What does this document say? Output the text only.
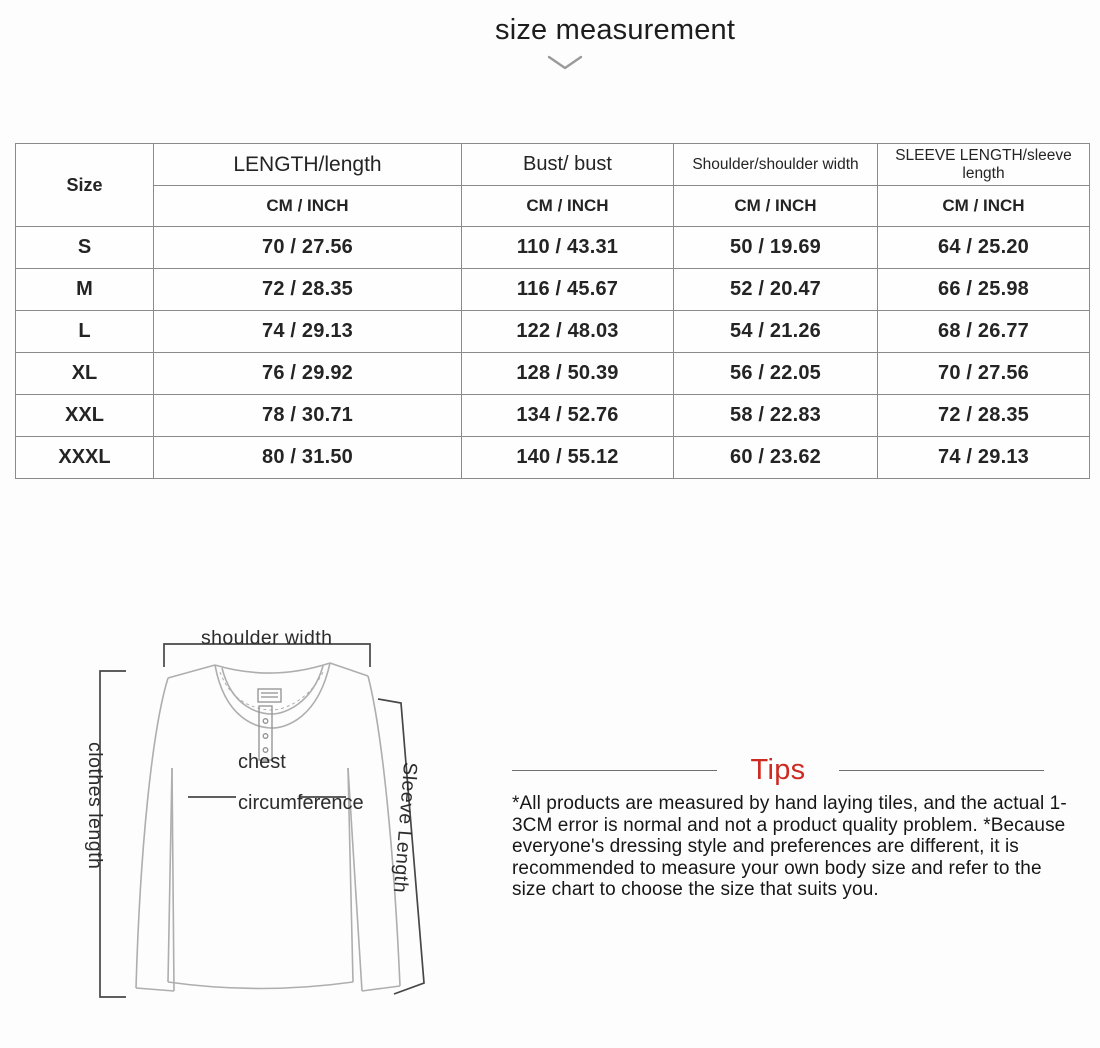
size measurement
Size	LENGTH/length	Bust/ bust	Shoulder/shoulder width	SLEEVE LENGTH/sleeve length
	CM / INCH	CM / INCH	CM / INCH	CM / INCH
S	70 / 27.56	110 / 43.31	50 / 19.69	64 / 25.20
M	72 / 28.35	116 / 45.67	52 / 20.47	66 / 25.98
L	74 / 29.13	122 / 48.03	54 / 21.26	68 / 26.77
XL	76 / 29.92	128 / 50.39	56 / 22.05	70 / 27.56
XXL	78 / 30.71	134 / 52.76	58 / 22.83	72 / 28.35
XXXL	80 / 31.50	140 / 55.12	60 / 23.62	74 / 29.13
shoulder width
clothes length	chest
circumference	Sleeve Length	Tips
*All products are measured by hand laying tiles, and the actual 1-3CM error is normal and not a product quality problem. *Because everyone's dressing style and preferences are different, it is recommended to measure your own body size and refer to the size chart to choose the size that suits you.
